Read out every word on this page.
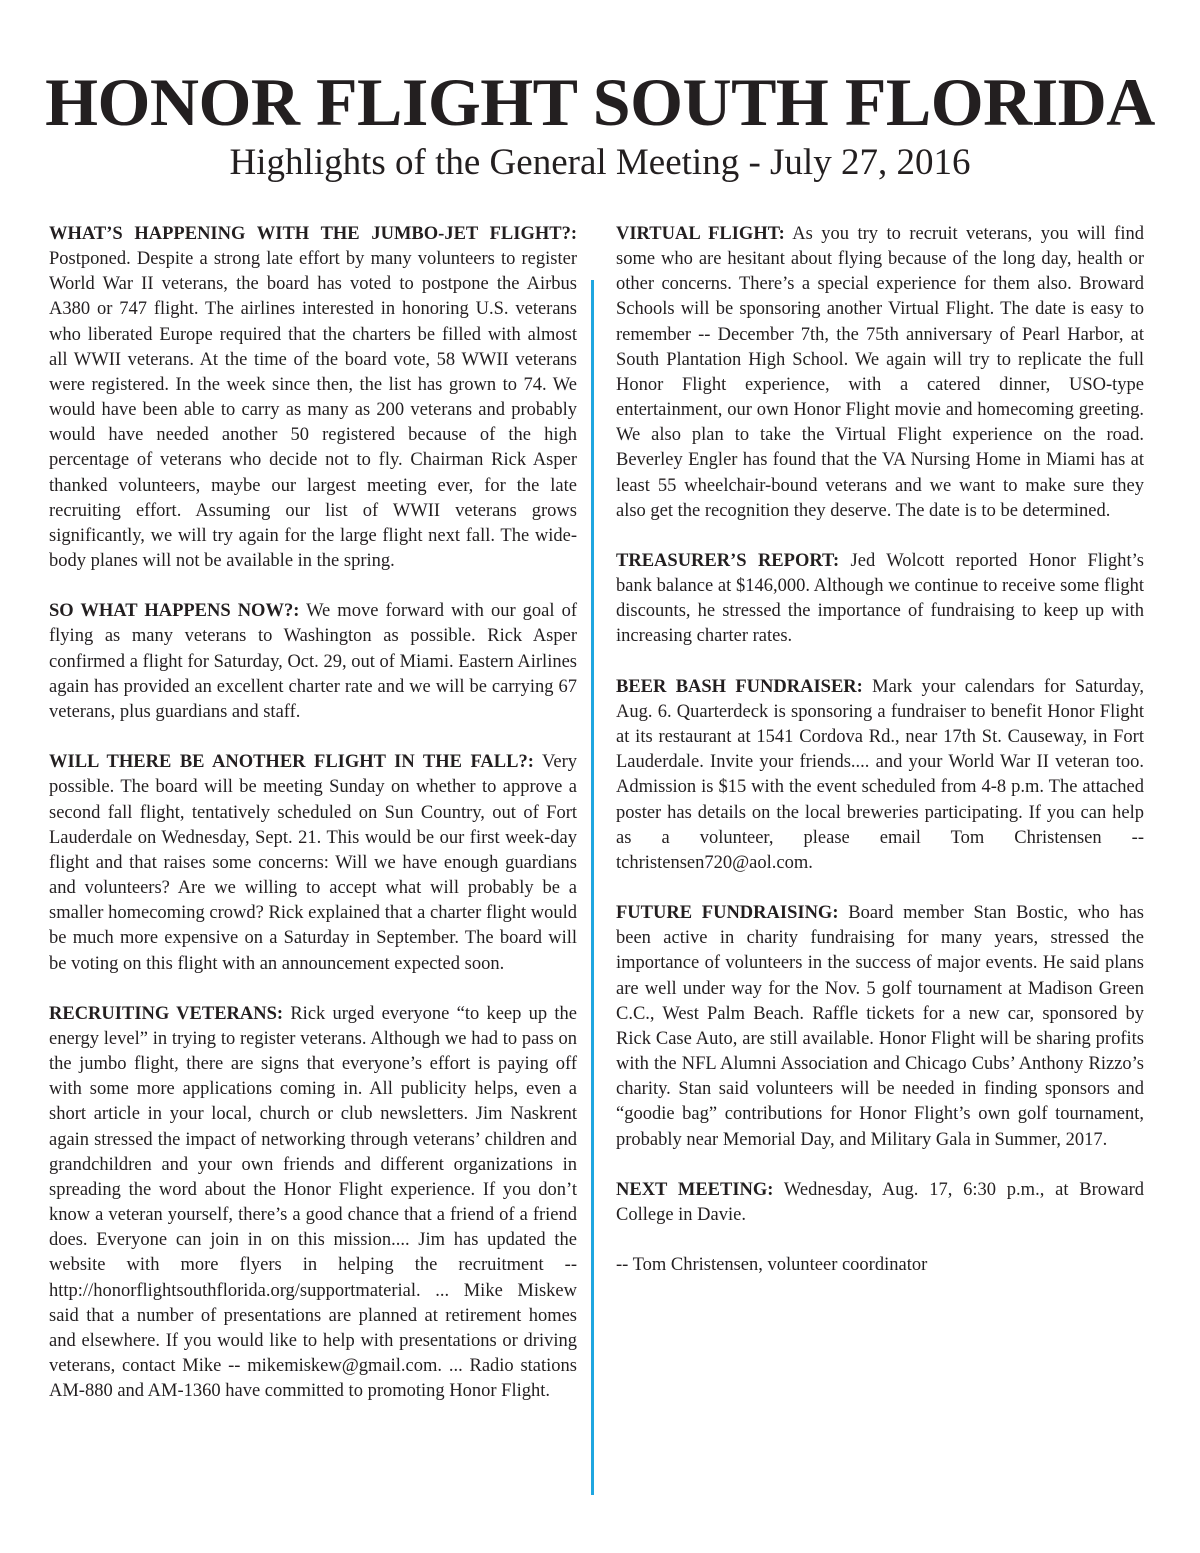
HONOR FLIGHT SOUTH FLORIDA
Highlights of the General Meeting - July 27, 2016

WHAT’S HAPPENING WITH THE JUMBO-JET FLIGHT?: Postponed. Despite a strong late effort by many volunteers to register World War II veterans, the board has voted to postpone the Airbus A380 or 747 flight. The airlines interested in honoring U.S. veterans who liberated Europe required that the charters be filled with almost all WWII veterans. At the time of the board vote, 58 WWII veterans were registered. In the week since then, the list has grown to 74. We would have been able to carry as many as 200 veterans and probably would have needed another 50 registered because of the high percentage of veterans who decide not to fly. Chairman Rick Asper thanked volunteers, maybe our largest meeting ever, for the late recruiting effort. Assuming our list of WWII veterans grows significantly, we will try again for the large flight next fall. The wide-body planes will not be available in the spring.

SO WHAT HAPPENS NOW?: We move forward with our goal of flying as many veterans to Washington as possible. Rick Asper confirmed a flight for Saturday, Oct. 29, out of Miami. Eastern Airlines again has provided an excellent charter rate and we will be carrying 67 veterans, plus guardians and staff.

WILL THERE BE ANOTHER FLIGHT IN THE FALL?: Very possible. The board will be meeting Sunday on whether to approve a second fall flight, tentatively scheduled on Sun Country, out of Fort Lauderdale on Wednesday, Sept. 21. This would be our first week-day flight and that raises some concerns: Will we have enough guardians and volunteers? Are we willing to accept what will probably be a smaller homecoming crowd? Rick explained that a charter flight would be much more expensive on a Saturday in September. The board will be voting on this flight with an announcement expected soon.

RECRUITING VETERANS: Rick urged everyone “to keep up the energy level” in trying to register veterans. Although we had to pass on the jumbo flight, there are signs that everyone’s effort is paying off with some more applications coming in. All publicity helps, even a short article in your local, church or club newsletters. Jim Naskrent again stressed the impact of networking through veterans’ children and grandchildren and your own friends and different organizations in spreading the word about the Honor Flight experience. If you don’t know a veteran yourself, there’s a good chance that a friend of a friend does. Everyone can join in on this mission.... Jim has updated the website with more flyers in helping the recruitment -- http://honorflightsouthflorida.org/supportmaterial. ... Mike Miskew said that a number of presentations are planned at retirement homes and elsewhere. If you would like to help with presentations or driving veterans, contact Mike -- mikemiskew@gmail.com. ... Radio stations AM-880 and AM-1360 have committed to promoting Honor Flight.

VIRTUAL FLIGHT: As you try to recruit veterans, you will find some who are hesitant about flying because of the long day, health or other concerns. There’s a special experience for them also. Broward Schools will be sponsoring another Virtual Flight. The date is easy to remember -- December 7th, the 75th anniversary of Pearl Harbor, at South Plantation High School. We again will try to replicate the full Honor Flight experience, with a catered dinner, USO-type entertainment, our own Honor Flight movie and homecoming greeting. We also plan to take the Virtual Flight experience on the road. Beverley Engler has found that the VA Nursing Home in Miami has at least 55 wheelchair-bound veterans and we want to make sure they also get the recognition they deserve. The date is to be determined.

TREASURER’S REPORT: Jed Wolcott reported Honor Flight’s bank balance at $146,000. Although we continue to receive some flight discounts, he stressed the importance of fundraising to keep up with increasing charter rates.

BEER BASH FUNDRAISER: Mark your calendars for Saturday, Aug. 6. Quarterdeck is sponsoring a fundraiser to benefit Honor Flight at its restaurant at 1541 Cordova Rd., near 17th St. Causeway, in Fort Lauderdale. Invite your friends.... and your World War II veteran too. Admission is $15 with the event scheduled from 4-8 p.m. The attached poster has details on the local breweries participating. If you can help as a volunteer, please email Tom Christensen -- tchristensen720@aol.com.

FUTURE FUNDRAISING: Board member Stan Bostic, who has been active in charity fundraising for many years, stressed the importance of volunteers in the success of major events. He said plans are well under way for the Nov. 5 golf tournament at Madison Green C.C., West Palm Beach. Raffle tickets for a new car, sponsored by Rick Case Auto, are still available. Honor Flight will be sharing profits with the NFL Alumni Association and Chicago Cubs’ Anthony Rizzo’s charity. Stan said volunteers will be needed in finding sponsors and “goodie bag” contributions for Honor Flight’s own golf tournament, probably near Memorial Day, and Military Gala in Summer, 2017.

NEXT MEETING: Wednesday, Aug. 17, 6:30 p.m., at Broward College in Davie.

-- Tom Christensen, volunteer coordinator
